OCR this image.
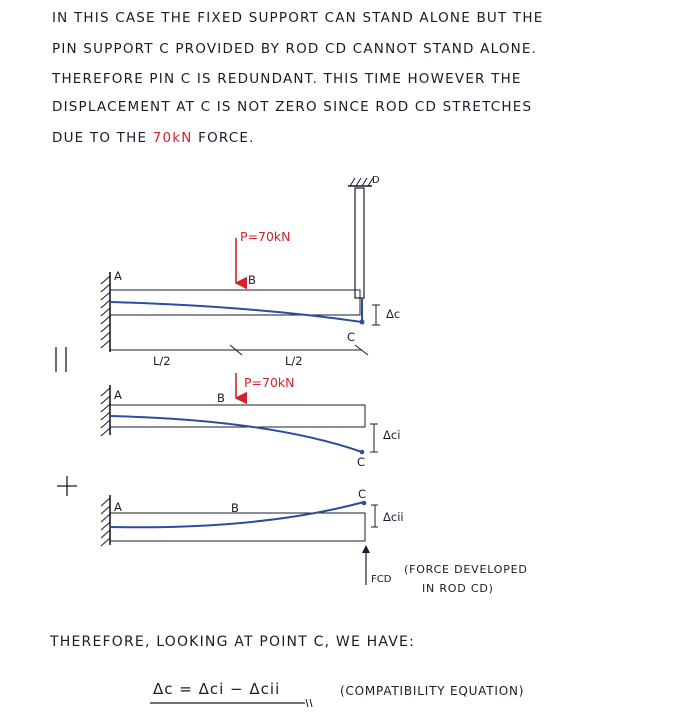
IN THIS CASE THE FIXED SUPPORT CAN STAND ALONE BUT THE
PIN SUPPORT C PROVIDED BY ROD CD CANNOT STAND ALONE.
THEREFORE PIN C IS REDUNDANT. THIS TIME HOWEVER THE
DISPLACEMENT AT C IS NOT ZERO SINCE ROD CD STRETCHES
DUE TO THE 70kN FORCE.
P=70kN
A	B
C
D
Δc
L/2	L/2
A	B
P=70kN
C
Δci
A	B
C
Δcii
FCD
(FORCE DEVELOPED
IN ROD CD)
THEREFORE, LOOKING AT POINT C, WE HAVE:
Δc = Δci − Δcii	(COMPATIBILITY EQUATION)
